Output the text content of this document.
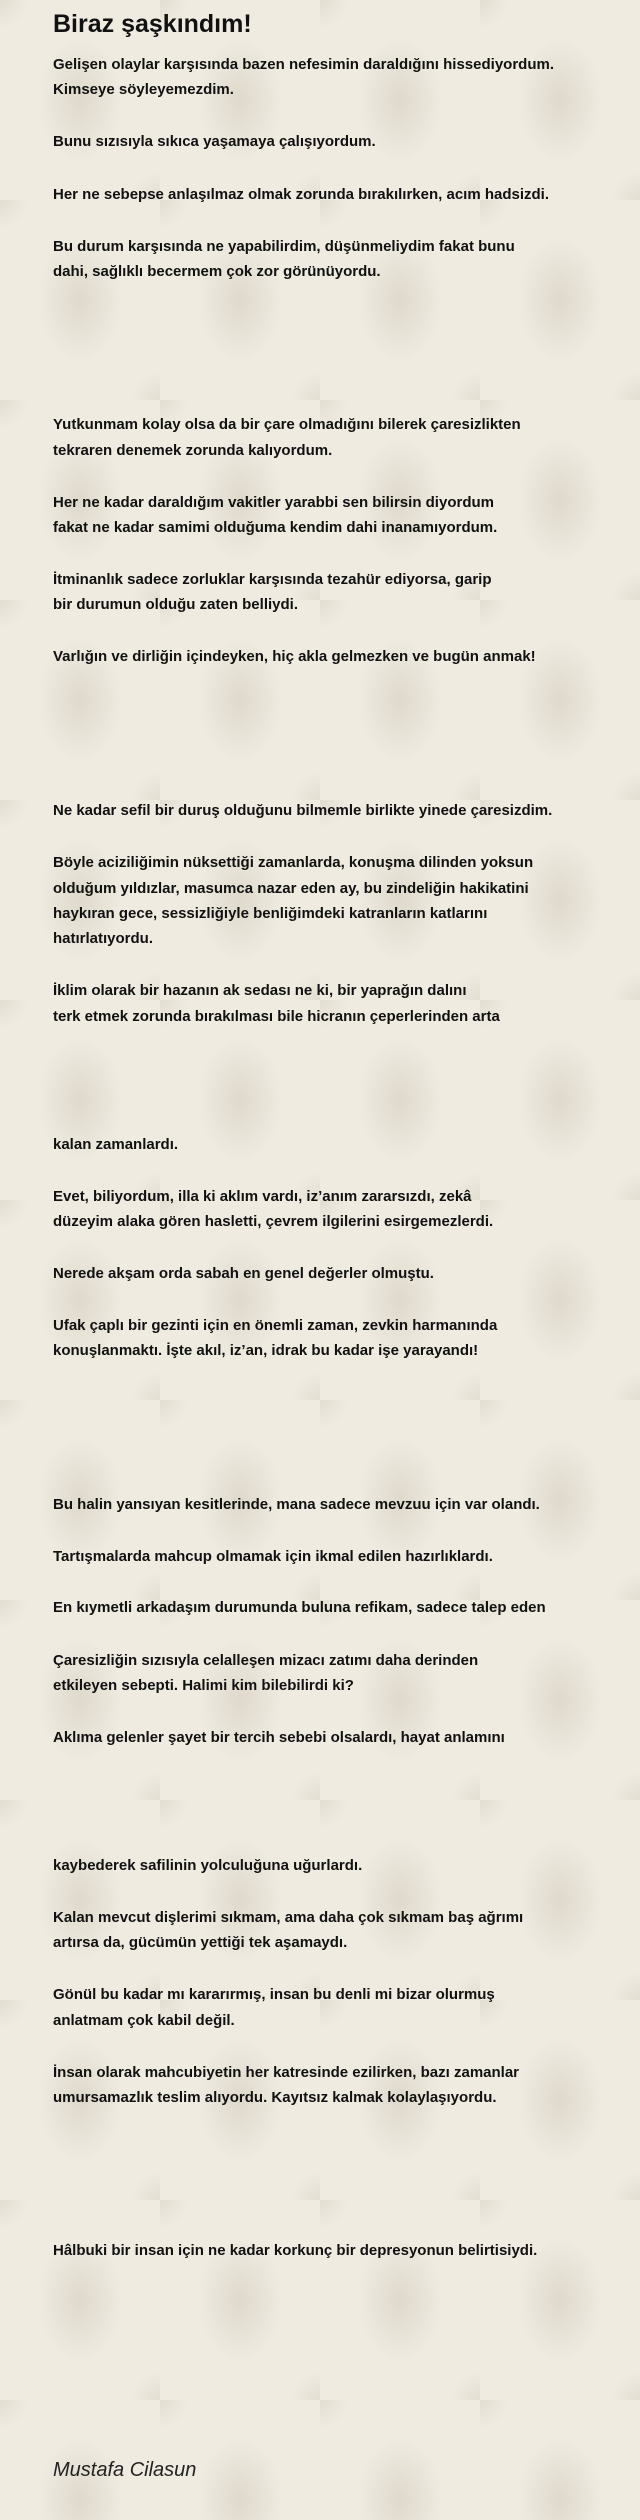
Biraz şaşkındım!

Gelişen olaylar karşısında bazen nefesimin daraldığını hissediyordum.

Kimseye söyleyemezdim.

Bunu sızısıyla sıkıca yaşamaya çalışıyordum.

Her ne sebepse anlaşılmaz olmak zorunda bırakılırken, acım hadsizdi.

Bu durum karşısında ne yapabilirdim, düşünmeliydim fakat bunu

dahi, sağlıklı becermem çok zor görünüyordu.

Yutkunmam kolay olsa da bir çare olmadığını bilerek çaresizlikten

tekraren denemek zorunda kalıyordum.

Her ne kadar daraldığım vakitler yarabbi sen bilirsin diyordum

fakat ne kadar samimi olduğuma kendim dahi inanamıyordum.

İtminanlık sadece zorluklar karşısında tezahür ediyorsa, garip

bir durumun olduğu zaten belliydi.

Varlığın ve dirliğin içindeyken, hiç akla gelmezken ve bugün anmak!

Ne kadar sefil bir duruş olduğunu bilmemle birlikte yinede çaresizdim.

Böyle aciziliğimin nüksettiği zamanlarda, konuşma dilinden yoksun

olduğum yıldızlar, masumca nazar eden ay, bu zindeliğin hakikatini

haykıran gece, sessizliğiyle benliğimdeki katranların katlarını

hatırlatıyordu.

İklim olarak bir hazanın ak sedası ne ki, bir yaprağın dalını

terk etmek zorunda bırakılması bile hicranın çeperlerinden arta

kalan zamanlardı.

Evet, biliyordum, illa ki aklım vardı, iz’anım zararsızdı, zekâ

düzeyim alaka gören hasletti, çevrem ilgilerini esirgemezlerdi.

Nerede akşam orda sabah en genel değerler olmuştu.

Ufak çaplı bir gezinti için en önemli zaman, zevkin harmanında

konuşlanmaktı. İşte akıl, iz’an, idrak bu kadar işe yarayandı!

Bu halin yansıyan kesitlerinde, mana sadece mevzuu için var olandı.

Tartışmalarda mahcup olmamak için ikmal edilen hazırlıklardı.

En kıymetli arkadaşım durumunda buluna refikam, sadece talep eden

Çaresizliğin sızısıyla celalleşen mizacı zatımı daha derinden

etkileyen sebepti. Halimi kim bilebilirdi ki?

Aklıma gelenler şayet bir tercih sebebi olsalardı, hayat anlamını

kaybederek safilinin yolculuğuna uğurlardı.

Kalan mevcut dişlerimi sıkmam, ama daha çok sıkmam baş ağrımı

artırsa da, gücümün yettiği tek aşamaydı.

Gönül bu kadar mı kararırmış, insan bu denli mi bizar olurmuş

anlatmam çok kabil değil.

İnsan olarak mahcubiyetin her katresinde ezilirken, bazı zamanlar

umursamazlık teslim alıyordu. Kayıtsız kalmak kolaylaşıyordu.

Hâlbuki bir insan için ne kadar korkunç bir depresyonun belirtisiydi.

Mustafa Cilasun
